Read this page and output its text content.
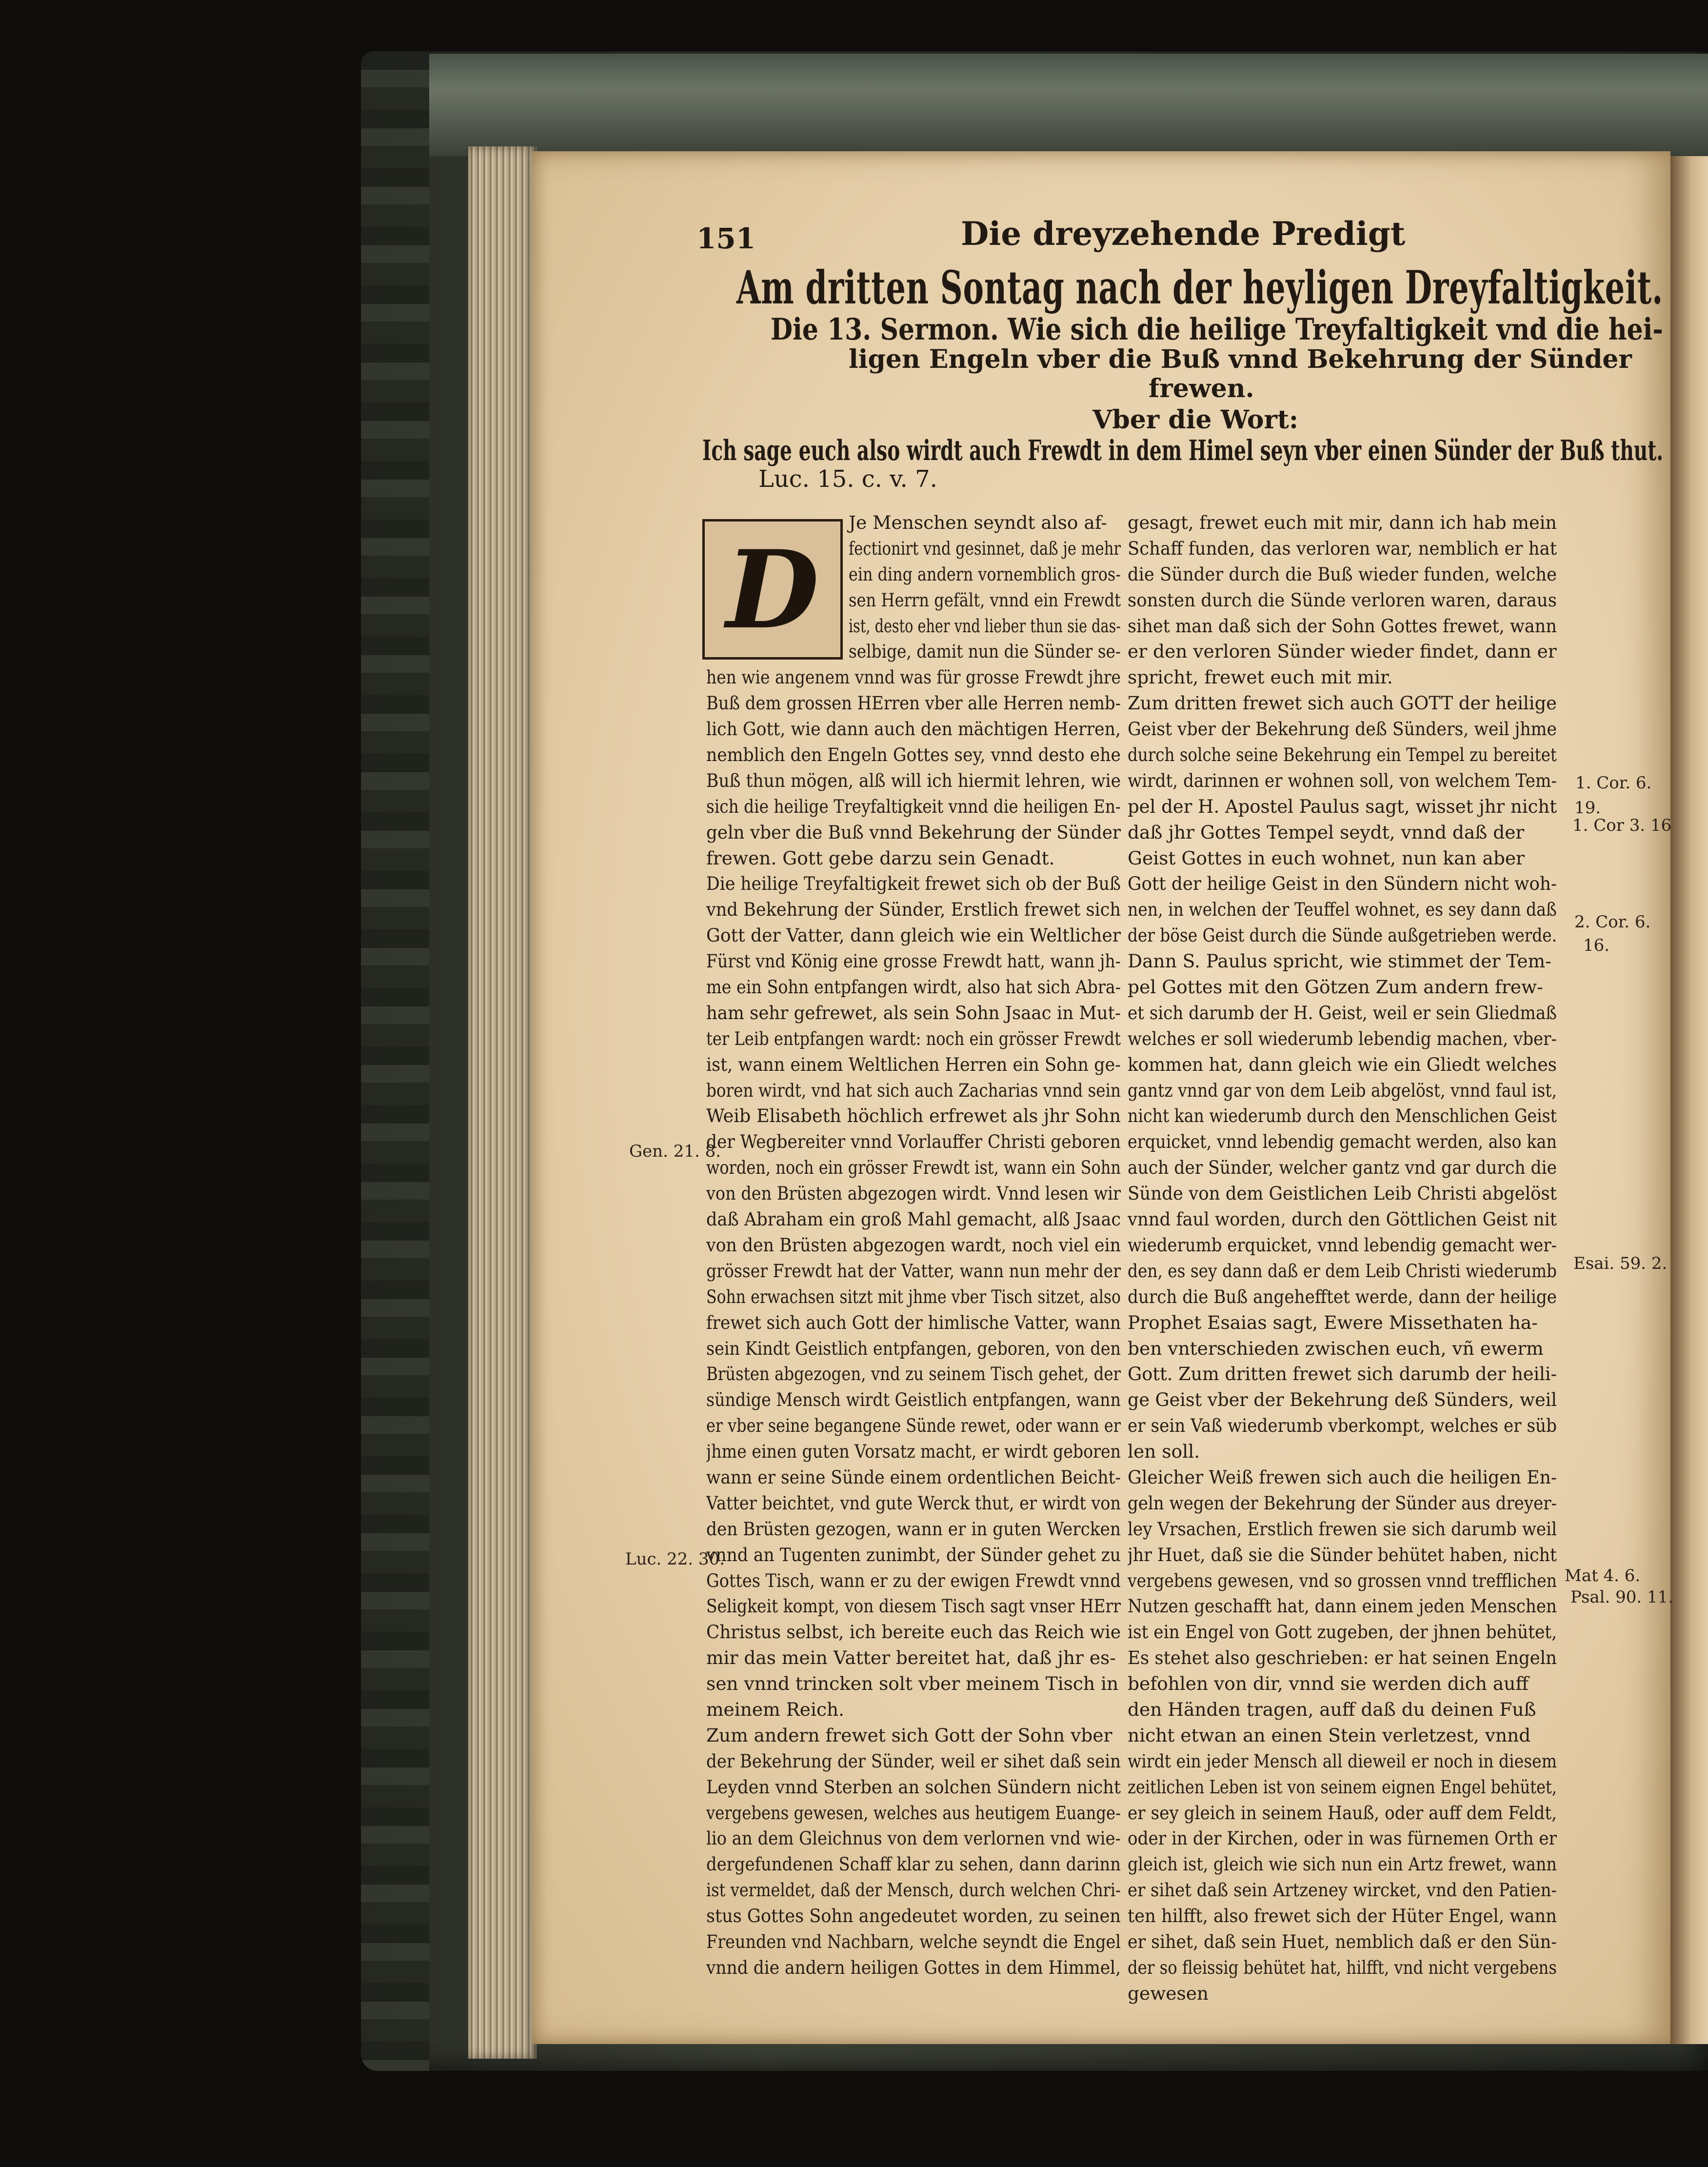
151	Die dreyzehende Predigt
Am dritten Sontag nach der heyligen Dreyfaltigkeit.
Die 13. Sermon. Wie sich die heilige Treyfaltigkeit vnd die hei-
ligen Engeln vber die Buß vnnd Bekehrung der Sünder
frewen.
Vber die Wort:
Ich sage euch also wirdt auch Frewdt in dem Himel seyn vber einen Sünder der Buß thut.
Luc. 15. c. v. 7.
D
Je Menschen seyndt also af-
fectionirt vnd gesinnet, daß je mehr
ein ding andern vornemblich gros-
sen Herrn gefält, vnnd ein Frewdt
ist, desto eher vnd lieber thun sie das-
selbige, damit nun die Sünder se-
hen wie angenem vnnd was für grosse Frewdt jhre
Buß dem grossen HErren vber alle Herren nemb-
lich Gott, wie dann auch den mächtigen Herren,
nemblich den Engeln Gottes sey, vnnd desto ehe
Buß thun mögen, alß will ich hiermit lehren, wie
sich die heilige Treyfaltigkeit vnnd die heiligen En-
geln vber die Buß vnnd Bekehrung der Sünder
frewen. Gott gebe darzu sein Genadt.
Die heilige Treyfaltigkeit frewet sich ob der Buß
vnd Bekehrung der Sünder, Erstlich frewet sich
Gott der Vatter, dann gleich wie ein Weltlicher
Fürst vnd König eine grosse Frewdt hatt, wann jh-
me ein Sohn entpfangen wirdt, also hat sich Abra-
ham sehr gefrewet, als sein Sohn Jsaac in Mut-
ter Leib entpfangen wardt: noch ein grösser Frewdt
ist, wann einem Weltlichen Herren ein Sohn ge-
boren wirdt, vnd hat sich auch Zacharias vnnd sein
Weib Elisabeth höchlich erfrewet als jhr Sohn
der Wegbereiter vnnd Vorlauffer Christi geboren
worden, noch ein grösser Frewdt ist, wann ein Sohn
von den Brüsten abgezogen wirdt. Vnnd lesen wir
daß Abraham ein groß Mahl gemacht, alß Jsaac
von den Brüsten abgezogen wardt, noch viel ein
grösser Frewdt hat der Vatter, wann nun mehr der
Sohn erwachsen sitzt mit jhme vber Tisch sitzet, also
frewet sich auch Gott der himlische Vatter, wann
sein Kindt Geistlich entpfangen, geboren, von den
Brüsten abgezogen, vnd zu seinem Tisch gehet, der
sündige Mensch wirdt Geistlich entpfangen, wann
er vber seine begangene Sünde rewet, oder wann er
jhme einen guten Vorsatz macht, er wirdt geboren
wann er seine Sünde einem ordentlichen Beicht-
Vatter beichtet, vnd gute Werck thut, er wirdt von
den Brüsten gezogen, wann er in guten Wercken
vnnd an Tugenten zunimbt, der Sünder gehet zu
Gottes Tisch, wann er zu der ewigen Frewdt vnnd
Seligkeit kompt, von diesem Tisch sagt vnser HErr
Christus selbst, ich bereite euch das Reich wie
mir das mein Vatter bereitet hat, daß jhr es-
sen vnnd trincken solt vber meinem Tisch in
meinem Reich.
Zum andern frewet sich Gott der Sohn vber
der Bekehrung der Sünder, weil er sihet daß sein
Leyden vnnd Sterben an solchen Sündern nicht
vergebens gewesen, welches aus heutigem Euange-
lio an dem Gleichnus von dem verlornen vnd wie-
dergefundenen Schaff klar zu sehen, dann darinn
ist vermeldet, daß der Mensch, durch welchen Chri-
stus Gottes Sohn angedeutet worden, zu seinen
Freunden vnd Nachbarn, welche seyndt die Engel
vnnd die andern heiligen Gottes in dem Himmel,
gesagt, frewet euch mit mir, dann ich hab mein
Schaff funden, das verloren war, nemblich er hat
die Sünder durch die Buß wieder funden, welche
sonsten durch die Sünde verloren waren, daraus
sihet man daß sich der Sohn Gottes frewet, wann
er den verloren Sünder wieder findet, dann er
spricht, frewet euch mit mir.
Zum dritten frewet sich auch GOTT der heilige
Geist vber der Bekehrung deß Sünders, weil jhme
durch solche seine Bekehrung ein Tempel zu bereitet
wirdt, darinnen er wohnen soll, von welchem Tem-
pel der H. Apostel Paulus sagt, wisset jhr nicht
daß jhr Gottes Tempel seydt, vnnd daß der
Geist Gottes in euch wohnet, nun kan aber
Gott der heilige Geist in den Sündern nicht woh-
nen, in welchen der Teuffel wohnet, es sey dann daß
der böse Geist durch die Sünde außgetrieben werde.
Dann S. Paulus spricht, wie stimmet der Tem-
pel Gottes mit den Götzen Zum andern frew-
et sich darumb der H. Geist, weil er sein Gliedmaß
welches er soll wiederumb lebendig machen, vber-
kommen hat, dann gleich wie ein Gliedt welches
gantz vnnd gar von dem Leib abgelöst, vnnd faul ist,
nicht kan wiederumb durch den Menschlichen Geist
erquicket, vnnd lebendig gemacht werden, also kan
auch der Sünder, welcher gantz vnd gar durch die
Sünde von dem Geistlichen Leib Christi abgelöst
vnnd faul worden, durch den Göttlichen Geist nit
wiederumb erquicket, vnnd lebendig gemacht wer-
den, es sey dann daß er dem Leib Christi wiederumb
durch die Buß angehefftet werde, dann der heilige
Prophet Esaias sagt, Ewere Missethaten ha-
ben vnterschieden zwischen euch, vñ ewerm
Gott. Zum dritten frewet sich darumb der heili-
ge Geist vber der Bekehrung deß Sünders, weil
er sein Vaß wiederumb vberkompt, welches er süb
len soll.
Gleicher Weiß frewen sich auch die heiligen En-
geln wegen der Bekehrung der Sünder aus dreyer-
ley Vrsachen, Erstlich frewen sie sich darumb weil
jhr Huet, daß sie die Sünder behütet haben, nicht
vergebens gewesen, vnd so grossen vnnd trefflichen
Nutzen geschafft hat, dann einem jeden Menschen
ist ein Engel von Gott zugeben, der jhnen behütet,
Es stehet also geschrieben: er hat seinen Engeln
befohlen von dir, vnnd sie werden dich auff
den Händen tragen, auff daß du deinen Fuß
nicht etwan an einen Stein verletzest, vnnd
wirdt ein jeder Mensch all dieweil er noch in diesem
zeitlichen Leben ist von seinem eignen Engel behütet,
er sey gleich in seinem Hauß, oder auff dem Feldt,
oder in der Kirchen, oder in was fürnemen Orth er
gleich ist, gleich wie sich nun ein Artz frewet, wann
er sihet daß sein Artzeney wircket, vnd den Patien-
ten hilfft, also frewet sich der Hüter Engel, wann
er sihet, daß sein Huet, nemblich daß er den Sün-
der so fleissig behütet hat, hilfft, vnd nicht vergebens
gewesen
Gen. 21. 8.
Luc. 22. 30.
1. Cor. 6.
19.
1. Cor 3. 16
2. Cor. 6.
16.
Esai. 59. 2.
Mat 4. 6.
Psal. 90. 11.
